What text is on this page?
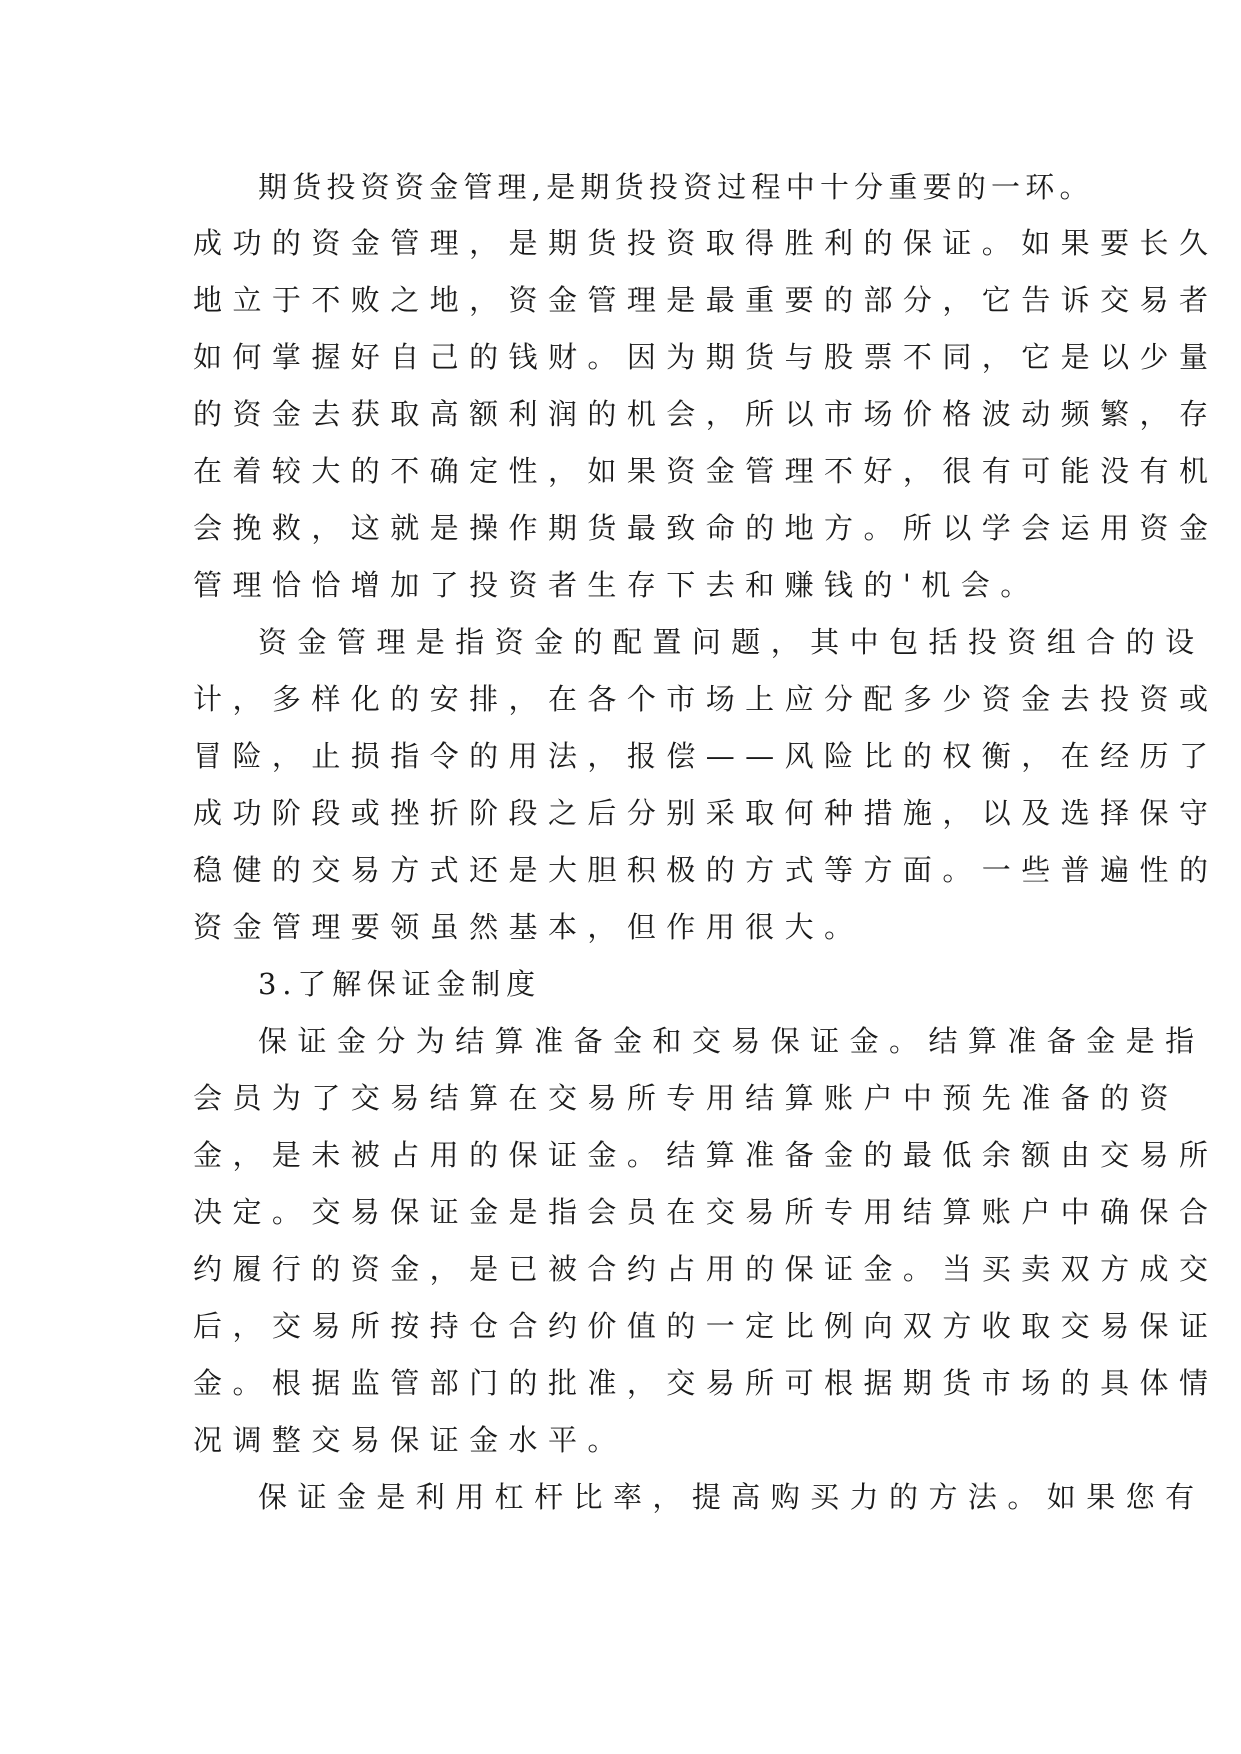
期货投资资金管理,是期货投资过程中十分重要的一环。
成功的资金管理，是期货投资取得胜利的保证。如果要长久
地立于不败之地，资金管理是最重要的部分，它告诉交易者
如何掌握好自己的钱财。因为期货与股票不同，它是以少量
的资金去获取高额利润的机会，所以市场价格波动频繁，存
在着较大的不确定性，如果资金管理不好，很有可能没有机
会挽救，这就是操作期货最致命的地方。所以学会运用资金
管理恰恰增加了投资者生存下去和赚钱的'机会。
资金管理是指资金的配置问题，其中包括投资组合的设
计，多样化的安排，在各个市场上应分配多少资金去投资或
冒险，止损指令的用法，报偿——风险比的权衡，在经历了
成功阶段或挫折阶段之后分别采取何种措施，以及选择保守
稳健的交易方式还是大胆积极的方式等方面。一些普遍性的
资金管理要领虽然基本，但作用很大。
3.了解保证金制度
保证金分为结算准备金和交易保证金。结算准备金是指
会员为了交易结算在交易所专用结算账户中预先准备的资
金，是未被占用的保证金。结算准备金的最低余额由交易所
决定。交易保证金是指会员在交易所专用结算账户中确保合
约履行的资金，是已被合约占用的保证金。当买卖双方成交
后，交易所按持仓合约价值的一定比例向双方收取交易保证
金。根据监管部门的批准，交易所可根据期货市场的具体情
况调整交易保证金水平。
保证金是利用杠杆比率，提高购买力的方法。如果您有
